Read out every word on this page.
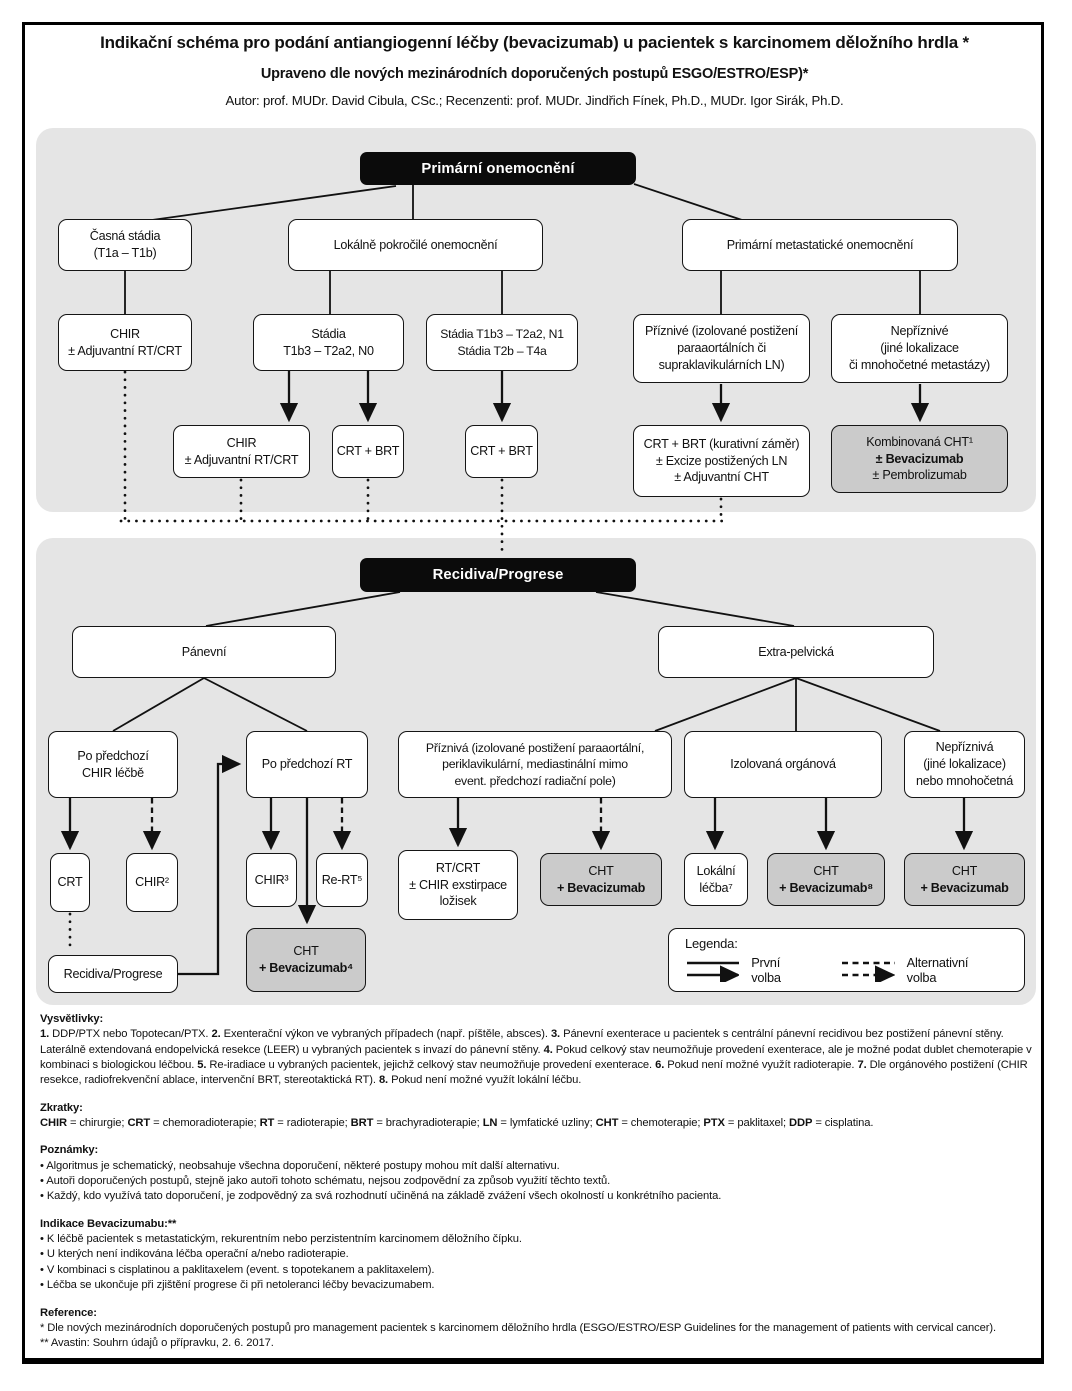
Indikační schéma pro podání antiangiogenní léčby (bevacizumab) u pacientek s karcinomem děložního hrdla *
Upraveno dle nových mezinárodních doporučených postupů ESGO/ESTRO/ESP)*
Autor: prof. MUDr. David Cibula, CSc.; Recenzenti: prof. MUDr. Jindřich Fínek, Ph.D., MUDr. Igor Sirák, Ph.D.
Primární onemocnění
Časná stádia
(T1a – T1b)
Lokálně pokročilé onemocnění	Primární metastatické onemocnění
CHIR
± Adjuvantní RT/CRT
Stádia
T1b3 – T2a2, N0
Stádia T1b3 – T2a2, N1
Stádia T2b – T4a
Příznivé (izolované postižení
paraaortálních či
supraklavikulárních LN)
Nepříznivé
(jiné lokalizace
či mnohočetné metastázy)
CHIR
± Adjuvantní RT/CRT
CRT + BRT	CRT + BRT
CRT + BRT (kurativní záměr)
± Excize postižených LN
± Adjuvantní CHT
Kombinovaná CHT¹
± Bevacizumab
± Pembrolizumab
Recidiva/Progrese
Pánevní	Extra-pelvická
Po předchozí
CHIR léčbě
Po předchozí RT
Příznivá (izolované postižení paraaortální,
periklavikulární, mediastinální mimo
event. předchozí radiační pole)
Izolovaná orgánová
Nepříznivá
(jiné lokalizace)
nebo mnohočetná
CRT	CHIR²	CHIR³	Re-RT⁵
RT/CRT
± CHIR exstirpace
ložisek
CHT
+ Bevacizumab
Lokální
léčba⁷
CHT
+ Bevacizumab⁸
CHT
+ Bevacizumab
Recidiva/Progrese
CHT
+ Bevacizumab⁴
Legenda:
První volba
Alternativní volba

Vysvětlivky:

1. DDP/PTX nebo Topotecan/PTX. 2. Exenterační výkon ve vybraných případech (např. píštěle, absces). 3. Pánevní exenterace u pacientek s centrální pánevní recidivou bez postižení pánevní stěny. Laterálně extendovaná endopelvická resekce (LEER) u vybraných pacientek s invazí do pánevní stěny. 4. Pokud celkový stav neumožňuje provedení exenterace, ale je možné podat dublet chemoterapie v kombinaci s biologickou léčbou. 5. Re-iradiace u vybraných pacientek, jejichž celkový stav neumožňuje provedení exenterace. 6. Pokud není možné využít radioterapie. 7. Dle orgánového postižení (CHIR resekce, radiofrekvenční ablace, intervenční BRT, stereotaktická RT). 8. Pokud není možné využít lokální léčbu.

Zkratky:

CHIR = chirurgie; CRT = chemoradioterapie; RT = radioterapie; BRT = brachyradioterapie; LN = lymfatické uzliny; CHT = chemoterapie; PTX = paklitaxel; DDP = cisplatina.

Poznámky:

• Algoritmus je schematický, neobsahuje všechna doporučení, některé postupy mohou mít další alternativu.
• Autoři doporučených postupů, stejně jako autoři tohoto schématu, nejsou zodpovědní za způsob využití těchto textů.
• Každý, kdo využívá tato doporučení, je zodpovědný za svá rozhodnutí učiněná na základě zvážení všech okolností u konkrétního pacienta.

Indikace Bevacizumabu:**

• K léčbě pacientek s metastatickým, rekurentním nebo perzistentním karcinomem děložního čípku.
• U kterých není indikována léčba operační a/nebo radioterapie.
• V kombinaci s cisplatinou a paklitaxelem (event. s topotekanem a paklitaxelem).
• Léčba se ukončuje při zjištění progrese či při netoleranci léčby bevacizumabem.

Reference:

* Dle nových mezinárodních doporučených postupů pro management pacientek s karcinomem děložního hrdla (ESGO/ESTRO/ESP Guidelines for the management of patients with cervical cancer).
** Avastin: Souhrn údajů o přípravku, 2. 6. 2017.
